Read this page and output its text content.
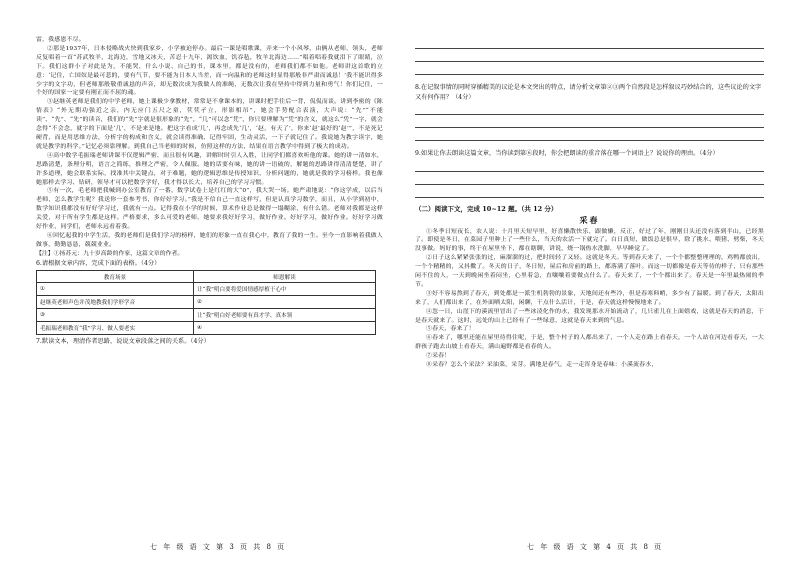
雷，我感恩不尽。

②那是1937年，日本侵略战火快到我家乡，小学被迫停办。最后一课是唱歌课，弄来一个小风琴，由俩从老师，领头，老师反复唱着一首“苏武牧羊，北海边，雪地又冰天，苦忍十九年，渴饮血，饥吞毡，牧羊北海边……”唱着唱着我就泪下了眼睛，泣下。我们这群小子对此是为，不能哭，什么小说、自己的书，课本里，都是没有的，老师我们都不如他。老师讲这首歌的立意：‘记住，亡国奴是最可悲的，要有气节，要不能为日本人当差，而一向温和的老师这时显得那般非严肃而诚恳！’我不能识得多少字的文字功，但老师那般敬重诚恳的声音，却无数次成为我做人的准绳，无数次让我在坚持中得到力量和勇气！你们记住，一个好的国家一定要有刚正而不屈的魂。

③赵继英老师是我们的中学老师，她上课极少拿教材，常常是不拿课本的，讲课时把手往后一背，侃侃而谈。讲到李密的《陈情表》“外无期功强近之亲，内无应门五尺之童，茕茕孑立，形影相吊”，她会手势配合表演，大声说：“先”“不能读”、“先”、“先”的读音，我们的“先”字就是很形象的“先”，“几”可以念“凭”，你只要理解为“凭”的含义，就这么“凭”一字，就会念得“不会念，就字的下面是‘几’，不是来是地。把这字看成‘几’，再念成先‘几’，‘赵，有天了’，你来‘赵’最好的‘赵’”，不是死记硬背，而是用思维方法，分析字的构成和含义，就会读得准确、记得牢固，生动灵活，一下子就记住了。我说她为教字读字，她就是教学的科学。”记忆必须靠理解。到我自己当老师的时候，仿照这样的方法，结果在语言教学中得到了极大的成功。

④高中数学毛振瑞老师讲课不仅逻辑严密，而且很有风趣，讲解时时引人入胜，让同学们都喜欢听他的课。她的讲一清如水，思路清楚，条理分明，语言之简练，推理之严密，令人佩服。她的话要有味，她的讲一语破的，解题的思路讲得清清楚楚，讲了许多道理，她会联系实际，找准其中关键点，对于难题，她的逻辑思维是传授知识、分析问题的，她就是我的学习榜样。我也像她那样去学习、钻研，领导才可以把数学学好，我才得以长大，培养自己的学习习惯。

⑤有一次，毛老师把我喊到办公室教育了一番，数学试卷上是红红的大“0”，我大哭一场。她严肃地说：“你这学成，以后当老师，怎么教学生呢？我送你一套参考书，你好好学习。”我是不信自己一直这样写，但是认真学习数学，而且，从小学到初中，数学知识我都没有好好学习过，我就有一点。记得我在小学的时候，算术作业总是做得一塌糊涂，有什么错。老师对我都是这样关爱，对于所有学生都是这样。严格要求，多么可爱的老师，她要求我好好学习，做好作业。好好学习，做好作业。好好学习做好作业，同学们，老师永远看着我。

⑥回忆起我的中学生活，我的老师们是我们学习的榜样，她们的形象一直在我心中，教育了我的一生。至今一直影响着我做人做事，勤勤恳恳，兢兢业业。

【注】①扬苏元：九十岁高龄的作家，这篇文章的作者。

6.请根据文章内容，完成下面的表格。（4分）

教育场景	师恩解读
①	让“我”明白要将爱国情感厚植于心中
赵继英老师声色并茂地教我们学形学音	②
③	让“我”明白好老师要有真才学、真本领
毛振瑞老师教育“我”学习、做人要老实	④

7.默读文本，理清作者思路，说说文章段落之间的关系。（4分）

七 年 级 语 文 第 3 页 共 8 页

8.在记叙事情的同时穿插精美的议论是本文突出的特点，请分析文章第②③两个自然段是怎样叙议巧妙结合的，这些议论的文字又有何作用？（4分）

9.如果让你去朗读这篇文章，当你读到第⑥段时，你会把朗读的重音落在哪一个词语上？说说你的理由。（4分）

（二）阅读下文，完成 10~12 题。（共 12 分）
采春

①冬季日短夜长，农人说：十月里天短早里，好喜懒散快乐，跟做懒，反正，好过了年，刚刚日头还没有落到半山，已经黑了。即使是冬日，在菜园子里种上了一些什么，当天的农活一下就完了。白日真短，做饭总是很早，除了挑水、喂猪、劈柴，冬天没事做。妈好的事，终于在屋里坐下，都在瞎聊，讲说，烧一锅热水洗脚，早早睡觉了。

②日子这么紧紧张张的过，麻溜溜的过，把时间轻了又轻。这就是冬天。等到春天来了，一个个都整整理理的，鸡鸭都放出，一个个精精的，又抖擞了。冬天的日子，冬日短，屋后和房前的路上，都落满了落叶。而这一切都像是春天等待的样子，只有那些闲不住的人，一天到晚闲坐着闷坐，心里着急，直嚷嚷着要做点什么了。春天来了，一个个都出来了。春天是一年里最热闹的季节。

③好不容易熬到了春天，到处都是一派生机勃勃的景象，天地间还有些冷，但是春寒料峭，多少有了温暖。到了春天，太阳出来了，人们都出来了，在外面晒太阳，闲聊，干点什么活计，于是，春天就这样慢慢地来了。

④忽一日，山崖下的溪流里冒出了一些冰凌化作的水，我发现那水开始流动了，几只雀儿在上面嬉戏，这就是春天的消息，于是春天就来了。这时，远处的山上已经有了一些绿意，这就是春天来到的气息。

⑤春天，春来了！

⑥春来了，哪里还能在屋里待得住呢，于是，整个村子的人都出来了，一个人走在路上看春天，一个人站在河边看春天，一大群孩子跑去山坡上看春天，满山遍野都是看春的人。

⑦采春！

⑧采春？怎么个采法？采油菜，采芽。满地是春气，走一走浑身是春味：小溪流春水，

七 年 级 语 文 第 4 页 共 8 页
